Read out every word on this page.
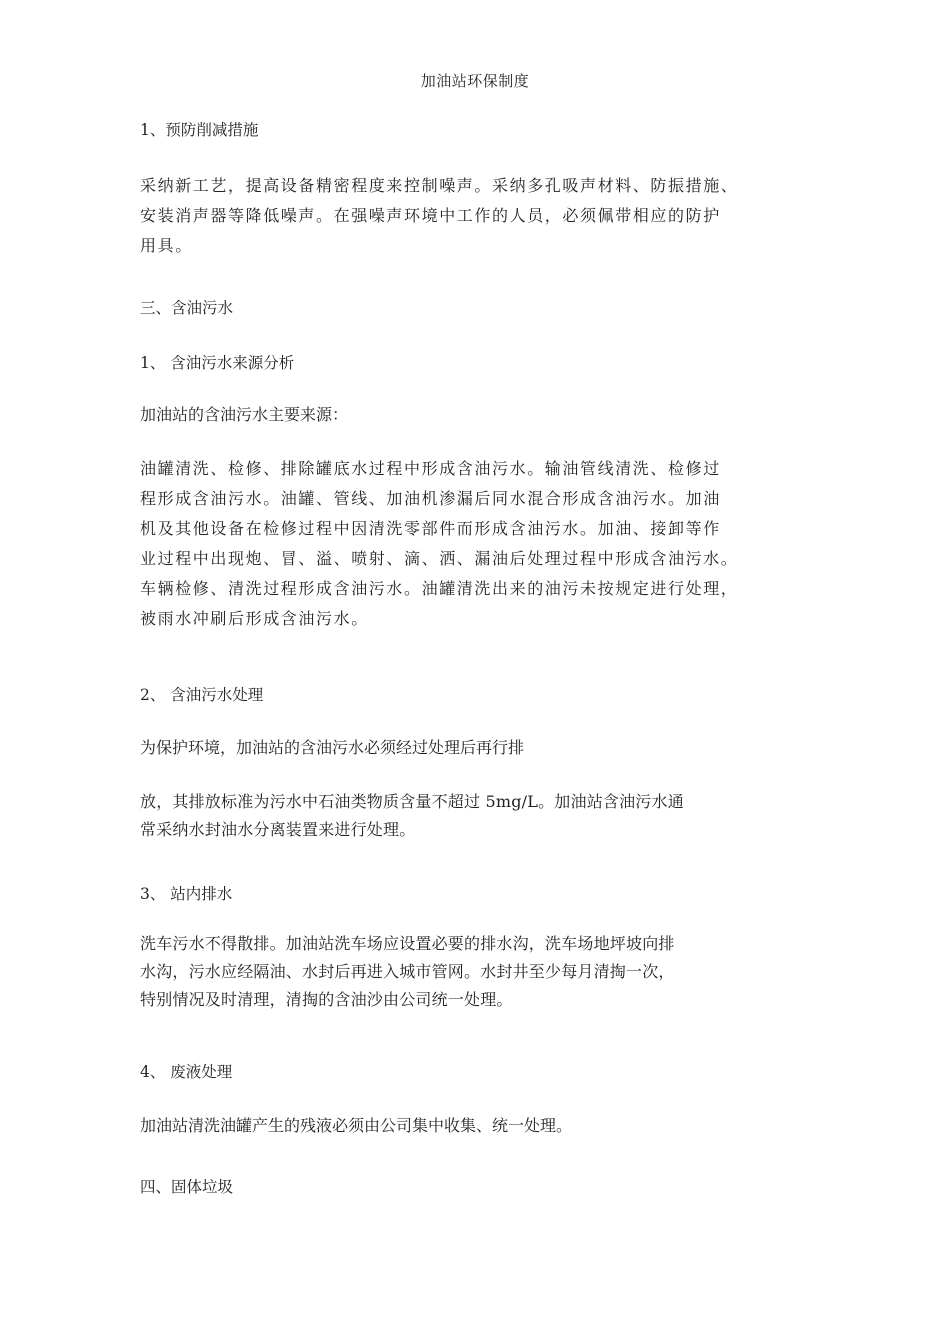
加油站环保制度
1、预防削减措施
采纳新工艺，提高设备精密程度来控制噪声。采纳多孔吸声材料、防振措施、
安装消声器等降低噪声。在强噪声环境中工作的人员，必须佩带相应的防护
用具。
三、含油污水
1、 含油污水来源分析
加油站的含油污水主要来源：
油罐清洗、检修、排除罐底水过程中形成含油污水。输油管线清洗、检修过
程形成含油污水。油罐、管线、加油机渗漏后同水混合形成含油污水。加油
机及其他设备在检修过程中因清洗零部件而形成含油污水。加油、接卸等作
业过程中出现炮、冒、溢、喷射、滴、洒、漏油后处理过程中形成含油污水。
车辆检修、清洗过程形成含油污水。油罐清洗出来的油污未按规定进行处理，
被雨水冲刷后形成含油污水。
2、 含油污水处理
为保护环境，加油站的含油污水必须经过处理后再行排
放，其排放标准为污水中石油类物质含量不超过 5mg/L。加油站含油污水通
常采纳水封油水分离装置来进行处理。
3、 站内排水
洗车污水不得散排。加油站洗车场应设置必要的排水沟，洗车场地坪坡向排
水沟，污水应经隔油、水封后再进入城市管网。水封井至少每月清掏一次，
特别情况及时清理，清掏的含油沙由公司统一处理。
4、 废液处理
加油站清洗油罐产生的残液必须由公司集中收集、统一处理。
四、固体垃圾
